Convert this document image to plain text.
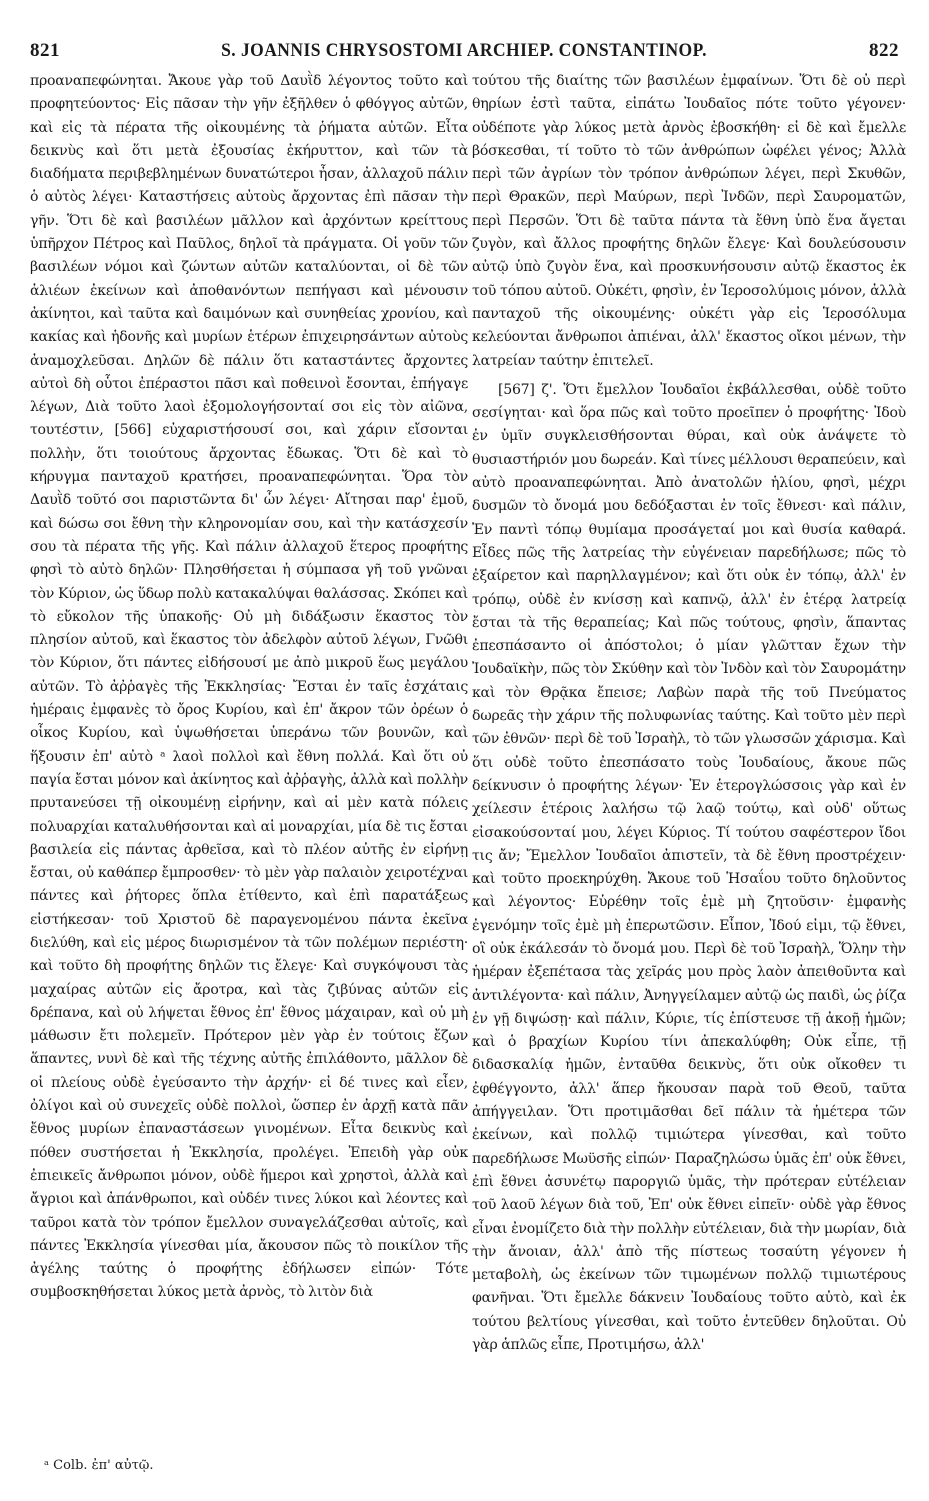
821	S. JOANNIS CHRYSOSTOMI ARCHIEP. CONSTANTINOP.	822

προαναπεφώνηται. Ἄκουε γὰρ τοῦ Δαυῒδ λέγοντος τοῦτο καὶ προφητεύοντος· Εἰς πᾶσαν τὴν γῆν ἐξῆλθεν ὁ φθόγγος αὐτῶν, καὶ εἰς τὰ πέρατα τῆς οἰκουμένης τὰ ῥήματα αὐτῶν. Εἶτα δεικνὺς καὶ ὅτι μετὰ ἐξουσίας ἐκήρυττον, καὶ τῶν τὰ διαδήματα περιβεβλημένων δυνατώτεροι ἦσαν, ἀλλαχοῦ πάλιν ὁ αὐτὸς λέγει· Καταστήσεις αὐτοὺς ἄρχοντας ἐπὶ πᾶσαν τὴν γῆν. Ὅτι δὲ καὶ βασιλέων μᾶλλον καὶ ἀρχόντων κρείττους ὑπῆρχον Πέτρος καὶ Παῦλος, δηλοῖ τὰ πράγματα. Οἱ γοῦν τῶν βασιλέων νόμοι καὶ ζώντων αὐτῶν καταλύονται, οἱ δὲ τῶν ἁλιέων ἐκείνων καὶ ἀποθανόντων πεπήγασι καὶ μένουσιν ἀκίνητοι, καὶ ταῦτα καὶ δαιμόνων καὶ συνηθείας χρονίου, καὶ κακίας καὶ ἡδονῆς καὶ μυρίων ἑτέρων ἐπιχειρησάντων αὐτοὺς ἀναμοχλεῦσαι. Δηλῶν δὲ πάλιν ὅτι καταστάντες ἄρχοντες αὐτοὶ δὴ οὗτοι ἐπέραστοι πᾶσι καὶ ποθεινοὶ ἔσονται, ἐπήγαγε λέγων, Διὰ τοῦτο λαοὶ ἐξομολογήσονταί σοι εἰς τὸν αἰῶνα, τουτέστιν, [566] εὐχαριστήσουσί σοι, καὶ χάριν εἴσονται πολλὴν, ὅτι τοιούτους ἄρχοντας ἔδωκας. Ὅτι δὲ καὶ τὸ κήρυγμα πανταχοῦ κρατήσει, προαναπεφώνηται. Ὅρα τὸν Δαυῒδ τοῦτό σοι παριστῶντα δι' ὧν λέγει· Αἴτησαι παρ' ἐμοῦ, καὶ δώσω σοι ἔθνη τὴν κληρονομίαν σου, καὶ τὴν κατάσχεσίν σου τὰ πέρατα τῆς γῆς. Καὶ πάλιν ἀλλαχοῦ ἕτερος προφήτης φησὶ τὸ αὐτὸ δηλῶν· Πλησθήσεται ἡ σύμπασα γῆ τοῦ γνῶναι τὸν Κύριον, ὡς ὕδωρ πολὺ κατακαλύψαι θαλάσσας. Σκόπει καὶ τὸ εὔκολον τῆς ὑπακοῆς· Οὐ μὴ διδάξωσιν ἕκαστος τὸν πλησίον αὐτοῦ, καὶ ἕκαστος τὸν ἀδελφὸν αὐτοῦ λέγων, Γνῶθι τὸν Κύριον, ὅτι πάντες εἰδήσουσί με ἀπὸ μικροῦ ἕως μεγάλου αὐτῶν. Τὸ ἀῤῥαγὲς τῆς Ἐκκλησίας· Ἔσται ἐν ταῖς ἐσχάταις ἡμέραις ἐμφανὲς τὸ ὄρος Κυρίου, καὶ ἐπ' ἄκρον τῶν ὀρέων ὁ οἶκος Κυρίου, καὶ ὑψωθήσεται ὑπεράνω τῶν βουνῶν, καὶ ἥξουσιν ἐπ' αὐτὸ ᵃ λαοὶ πολλοὶ καὶ ἔθνη πολλά. Καὶ ὅτι οὐ παγία ἔσται μόνον καὶ ἀκίνητος καὶ ἀῤῥαγὴς, ἀλλὰ καὶ πολλὴν πρυτανεύσει τῇ οἰκουμένῃ εἰρήνην, καὶ αἱ μὲν κατὰ πόλεις πολυαρχίαι καταλυθήσονται καὶ αἱ μοναρχίαι, μία δὲ τις ἔσται βασιλεία εἰς πάντας ἀρθεῖσα, καὶ τὸ πλέον αὐτῆς ἐν εἰρήνῃ ἔσται, οὐ καθάπερ ἔμπροσθεν· τὸ μὲν γὰρ παλαιὸν χειροτέχναι πάντες καὶ ῥήτορες ὅπλα ἐτίθεντο, καὶ ἐπὶ παρατάξεως εἱστήκεσαν· τοῦ Χριστοῦ δὲ παραγενομένου πάντα ἐκεῖνα διελύθη, καὶ εἰς μέρος διωρισμένον τὰ τῶν πολέμων περιέστη· καὶ τοῦτο δὴ προφήτης δηλῶν τις ἔλεγε· Καὶ συγκόψουσι τὰς μαχαίρας αὐτῶν εἰς ἄροτρα, καὶ τὰς ζιβύνας αὐτῶν εἰς δρέπανα, καὶ οὐ λήψεται ἔθνος ἐπ' ἔθνος μάχαιραν, καὶ οὐ μὴ μάθωσιν ἔτι πολεμεῖν. Πρότερον μὲν γὰρ ἐν τούτοις ἔζων ἅπαντες, νυνὶ δὲ καὶ τῆς τέχνης αὐτῆς ἐπιλάθοντο, μᾶλλον δὲ οἱ πλείους οὐδὲ ἐγεύσαντο τὴν ἀρχήν· εἰ δέ τινες καὶ εἶεν, ὀλίγοι καὶ οὐ συνεχεῖς οὐδὲ πολλοὶ, ὥσπερ ἐν ἀρχῇ κατὰ πᾶν ἔθνος μυρίων ἐπαναστάσεων γινομένων. Εἶτα δεικνὺς καὶ πόθεν συστήσεται ἡ Ἐκκλησία, προλέγει. Ἐπειδὴ γὰρ οὐκ ἐπιεικεῖς ἄνθρωποι μόνον, οὐδὲ ἥμεροι καὶ χρηστοὶ, ἀλλὰ καὶ ἄγριοι καὶ ἀπάνθρωποι, καὶ οὐδέν τινες λύκοι καὶ λέοντες καὶ ταῦροι κατὰ τὸν τρόπον ἔμελλον συναγελάζεσθαι αὐτοῖς, καὶ πάντες Ἐκκλησία γίνεσθαι μία, ἄκουσον πῶς τὸ ποικίλον τῆς ἀγέλης ταύτης ὁ προφήτης ἐδήλωσεν εἰπών· Τότε συμβοσκηθήσεται λύκος μετὰ ἀρνὸς, τὸ λιτὸν διὰ

τούτου τῆς διαίτης τῶν βασιλέων ἐμφαίνων. Ὅτι δὲ οὐ περὶ θηρίων ἐστὶ ταῦτα, εἰπάτω Ἰουδαῖος πότε τοῦτο γέγονεν· οὐδέποτε γὰρ λύκος μετὰ ἀρνὸς ἐβοσκήθη· εἰ δὲ καὶ ἔμελλε βόσκεσθαι, τί τοῦτο τὸ τῶν ἀνθρώπων ὠφέλει γένος; Ἀλλὰ περὶ τῶν ἀγρίων τὸν τρόπον ἀνθρώπων λέγει, περὶ Σκυθῶν, περὶ Θρακῶν, περὶ Μαύρων, περὶ Ἰνδῶν, περὶ Σαυροματῶν, περὶ Περσῶν. Ὅτι δὲ ταῦτα πάντα τὰ ἔθνη ὑπὸ ἕνα ἄγεται ζυγὸν, καὶ ἄλλος προφήτης δηλῶν ἔλεγε· Καὶ δουλεύσουσιν αὐτῷ ὑπὸ ζυγὸν ἕνα, καὶ προσκυνήσουσιν αὐτῷ ἕκαστος ἐκ τοῦ τόπου αὐτοῦ. Οὐκέτι, φησὶν, ἐν Ἱεροσολύμοις μόνον, ἀλλὰ πανταχοῦ τῆς οἰκουμένης· οὐκέτι γὰρ εἰς Ἱεροσόλυμα κελεύονται ἄνθρωποι ἀπιέναι, ἀλλ' ἕκαστος οἴκοι μένων, τὴν λατρείαν ταύτην ἐπιτελεῖ.

[567] ζ'. Ὅτι ἔμελλον Ἰουδαῖοι ἐκβάλλεσθαι, οὐδὲ τοῦτο σεσίγηται· καὶ ὅρα πῶς καὶ τοῦτο προεῖπεν ὁ προφήτης· Ἰδοὺ ἐν ὑμῖν συγκλεισθήσονται θύραι, καὶ οὐκ ἀνάψετε τὸ θυσιαστήριόν μου δωρεάν. Καὶ τίνες μέλλουσι θεραπεύειν, καὶ αὐτὸ προαναπεφώνηται. Ἀπὸ ἀνατολῶν ἡλίου, φησὶ, μέχρι δυσμῶν τὸ ὄνομά μου δεδόξασται ἐν τοῖς ἔθνεσι· καὶ πάλιν, Ἐν παντὶ τόπῳ θυμίαμα προσάγεταί μοι καὶ θυσία καθαρά. Εἶδες πῶς τῆς λατρείας τὴν εὐγένειαν παρεδήλωσε; πῶς τὸ ἐξαίρετον καὶ παρηλλαγμένον; καὶ ὅτι οὐκ ἐν τόπῳ, ἀλλ' ἐν τρόπῳ, οὐδὲ ἐν κνίσσῃ καὶ καπνῷ, ἀλλ' ἐν ἑτέρᾳ λατρείᾳ ἔσται τὰ τῆς θεραπείας; Καὶ πῶς τούτους, φησὶν, ἅπαντας ἐπεσπάσαντο οἱ ἀπόστολοι; ὁ μίαν γλῶτταν ἔχων τὴν Ἰουδαϊκὴν, πῶς τὸν Σκύθην καὶ τὸν Ἰνδὸν καὶ τὸν Σαυρομάτην καὶ τὸν Θρᾷκα ἔπεισε; Λαβὼν παρὰ τῆς τοῦ Πνεύματος δωρεᾶς τὴν χάριν τῆς πολυφωνίας ταύτης. Καὶ τοῦτο μὲν περὶ τῶν ἐθνῶν· περὶ δὲ τοῦ Ἰσραὴλ, τὸ τῶν γλωσσῶν χάρισμα. Καὶ ὅτι οὐδὲ τοῦτο ἐπεσπάσατο τοὺς Ἰουδαίους, ἄκουε πῶς δείκνυσιν ὁ προφήτης λέγων· Ἐν ἑτερογλώσσοις γὰρ καὶ ἐν χείλεσιν ἑτέροις λαλήσω τῷ λαῷ τούτῳ, καὶ οὐδ' οὕτως εἰσακούσονταί μου, λέγει Κύριος. Τί τούτου σαφέστερον ἴδοι τις ἄν; Ἔμελλον Ἰουδαῖοι ἀπιστεῖν, τὰ δὲ ἔθνη προστρέχειν· καὶ τοῦτο προεκηρύχθη. Ἄκουε τοῦ Ἡσαΐου τοῦτο δηλοῦντος καὶ λέγοντος· Εὑρέθην τοῖς ἐμὲ μὴ ζητοῦσιν· ἐμφανὴς ἐγενόμην τοῖς ἐμὲ μὴ ἐπερωτῶσιν. Εἶπον, Ἰδού εἰμι, τῷ ἔθνει, οἳ οὐκ ἐκάλεσάν τὸ ὄνομά μου. Περὶ δὲ τοῦ Ἰσραὴλ, Ὅλην τὴν ἡμέραν ἐξεπέτασα τὰς χεῖράς μου πρὸς λαὸν ἀπειθοῦντα καὶ ἀντιλέγοντα· καὶ πάλιν, Ἀνηγγείλαμεν αὐτῷ ὡς παιδὶ, ὡς ῥίζα ἐν γῇ διψώσῃ· καὶ πάλιν, Κύριε, τίς ἐπίστευσε τῇ ἀκοῇ ἡμῶν; καὶ ὁ βραχίων Κυρίου τίνι ἀπεκαλύφθη; Οὐκ εἶπε, τῇ διδασκαλίᾳ ἡμῶν, ἐνταῦθα δεικνὺς, ὅτι οὐκ οἴκοθεν τι ἐφθέγγοντο, ἀλλ' ἅπερ ἤκουσαν παρὰ τοῦ Θεοῦ, ταῦτα ἀπήγγειλαν. Ὅτι προτιμᾶσθαι δεῖ πάλιν τὰ ἡμέτερα τῶν ἐκείνων, καὶ πολλῷ τιμιώτερα γίνεσθαι, καὶ τοῦτο παρεδήλωσε Μωϋσῆς εἰπών· Παραζηλώσω ὑμᾶς ἐπ' οὐκ ἔθνει, ἐπὶ ἔθνει ἀσυνέτῳ παροργιῶ ὑμᾶς, τὴν πρότεραν εὐτέλειαν τοῦ λαοῦ λέγων διὰ τοῦ, Ἐπ' οὐκ ἔθνει εἰπεῖν· οὐδὲ γὰρ ἔθνος εἶναι ἐνομίζετο διὰ τὴν πολλὴν εὐτέλειαν, διὰ τὴν μωρίαν, διὰ τὴν ἄνοιαν, ἀλλ' ἀπὸ τῆς πίστεως τοσαύτη γέγονεν ἡ μεταβολὴ, ὡς ἐκείνων τῶν τιμωμένων πολλῷ τιμιωτέρους φανῆναι. Ὅτι ἔμελλε δάκνειν Ἰουδαίους τοῦτο αὐτὸ, καὶ ἐκ τούτου βελτίους γίνεσθαι, καὶ τοῦτο ἐντεῦθεν δηλοῦται. Οὐ γὰρ ἁπλῶς εἶπε, Προτιμήσω, ἀλλ'

ᵃ Colb. ἐπ' αὐτῷ.
